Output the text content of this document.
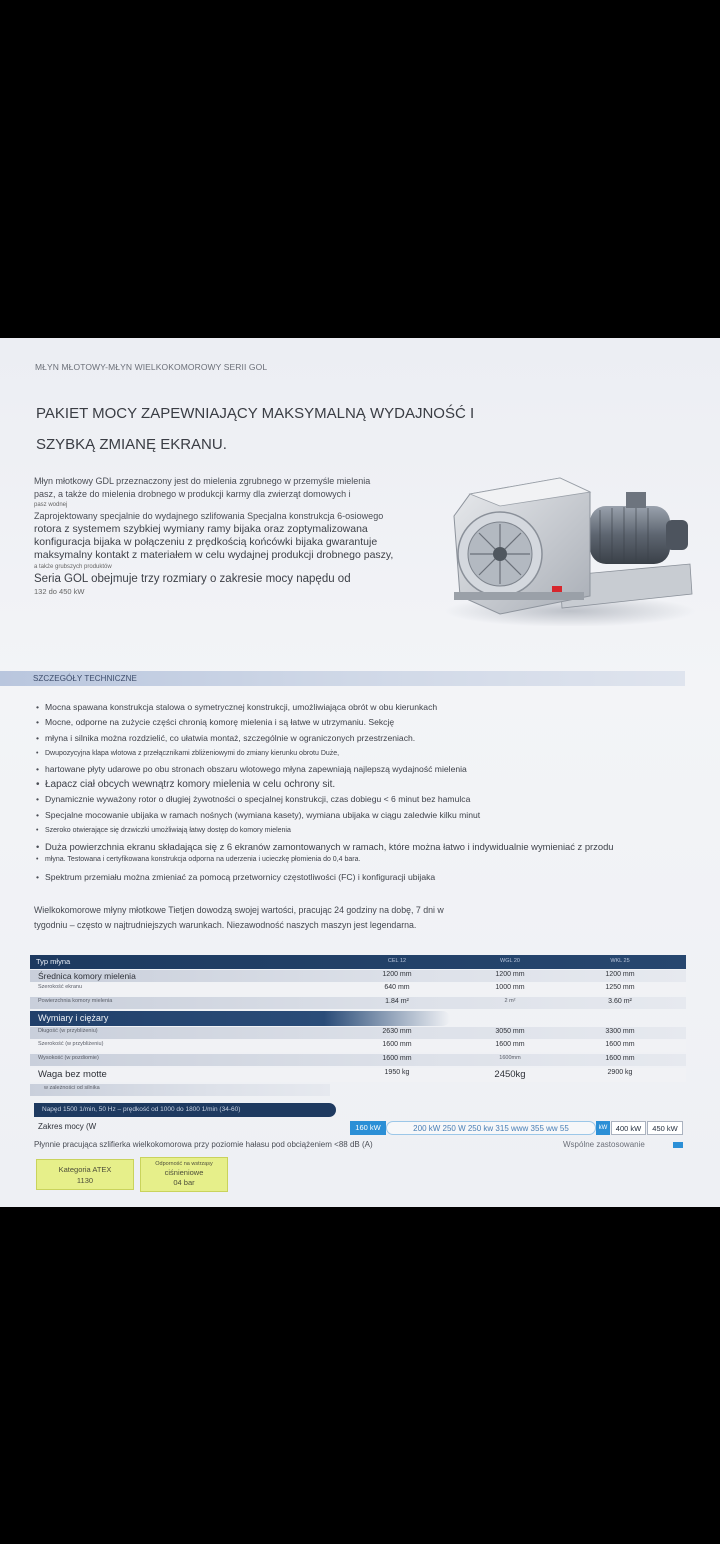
MŁYN MŁOTOWY-MŁYN WIELKOKOMOROWY SERII GOL
PAKIET MOCY ZAPEWNIAJĄCY MAKSYMALNĄ WYDAJNOŚĆ I
SZYBKĄ ZMIANĘ EKRANU.
Młyn młotkowy GDL przeznaczony jest do mielenia zgrubnego w przemyśle mielenia
pasz, a także do mielenia drobnego w produkcji karmy dla zwierząt domowych i
pasz wodnej
Zaprojektowany specjalnie do wydajnego szlifowania Specjalna konstrukcja 6-osiowego
rotora z systemem szybkiej wymiany ramy bijaka oraz zoptymalizowana
konfiguracja bijaka w połączeniu z prędkością końcówki bijaka gwarantuje
maksymalny kontakt z materiałem w celu wydajnej produkcji drobnego paszy,
a także grubszych produktów
Seria GOL obejmuje trzy rozmiary o zakresie mocy napędu od
132 do 450 kW
SZCZEGÓŁY TECHNICZNE
• Mocna spawana konstrukcja stalowa o symetrycznej konstrukcji, umożliwiająca obrót w obu kierunkach
• Mocne, odporne na zużycie części chronią komorę mielenia i są łatwe w utrzymaniu. Sekcję
• młyna i silnika można rozdzielić, co ułatwia montaż, szczególnie w ograniczonych przestrzeniach.
• Dwupozycyjna klapa wlotowa z przełącznikami zbliżeniowymi do zmiany kierunku obrotu Duże,
• hartowane płyty udarowe po obu stronach obszaru wlotowego młyna zapewniają najlepszą wydajność mielenia
• Łapacz ciał obcych wewnątrz komory mielenia w celu ochrony sit.
• Dynamicznie wyważony rotor o długiej żywotności o specjalnej konstrukcji, czas dobiegu < 6 minut bez hamulca
• Specjalne mocowanie ubijaka w ramach nośnych (wymiana kasety), wymiana ubijaka w ciągu zaledwie kilku minut
• Szeroko otwierające się drzwiczki umożliwiają łatwy dostęp do komory mielenia
• Duża powierzchnia ekranu składająca się z 6 ekranów zamontowanych w ramach, które można łatwo i indywidualnie wymieniać z przodu
• młyna. Testowana i certyfikowana konstrukcja odporna na uderzenia i ucieczkę płomienia do 0,4 bara.
• Spektrum przemiału można zmieniać za pomocą przetwornicy częstotliwości (FC) i konfiguracji ubijaka
Wielkokomorowe młyny młotkowe Tietjen dowodzą swojej wartości, pracując 24 godziny na dobę, 7 dni w
tygodniu – często w najtrudniejszych warunkach. Niezawodność naszych maszyn jest legendarna.
Typ młyna	CEL 12	WGL 20	WKL 25
Średnica komory mielenia	1200 mm	1200 mm	1200 mm
Szerokość ekranu	640 mm	1000 mm	1250 mm
Powierzchnia komory mielenia	1.84 m²	2 m²	3.60 m²
Wymiary i ciężary
Długość (w przybliżeniu)	2630 mm	3050 mm	3300 mm
Szerokość (w przybliżeniu)	1600 mm	1600 mm	1600 mm
Wysokość (w pozdiomie)	1600 mm	1600mm	1600 mm
Waga bez motte	1950 kg	2450kg	2900 kg
w zależności od silnika
Napęd 1500 1/min, 50 Hz – prędkość od 1000 do 1800 1/min (34-60)
Zakres mocy (W	160 kW	200 kW 250 W 250 kw 315 www 355 ww 55	kW	400 kW	450 kW
Płynnie pracująca szlifierka wielkokomorowa przy poziomie hałasu pod obciążeniem <88 dB (A)	Wspólne zastosowanie
Kategoria ATEX
1130
Odporność na wstrząsy
ciśnieniowe
04 bar
